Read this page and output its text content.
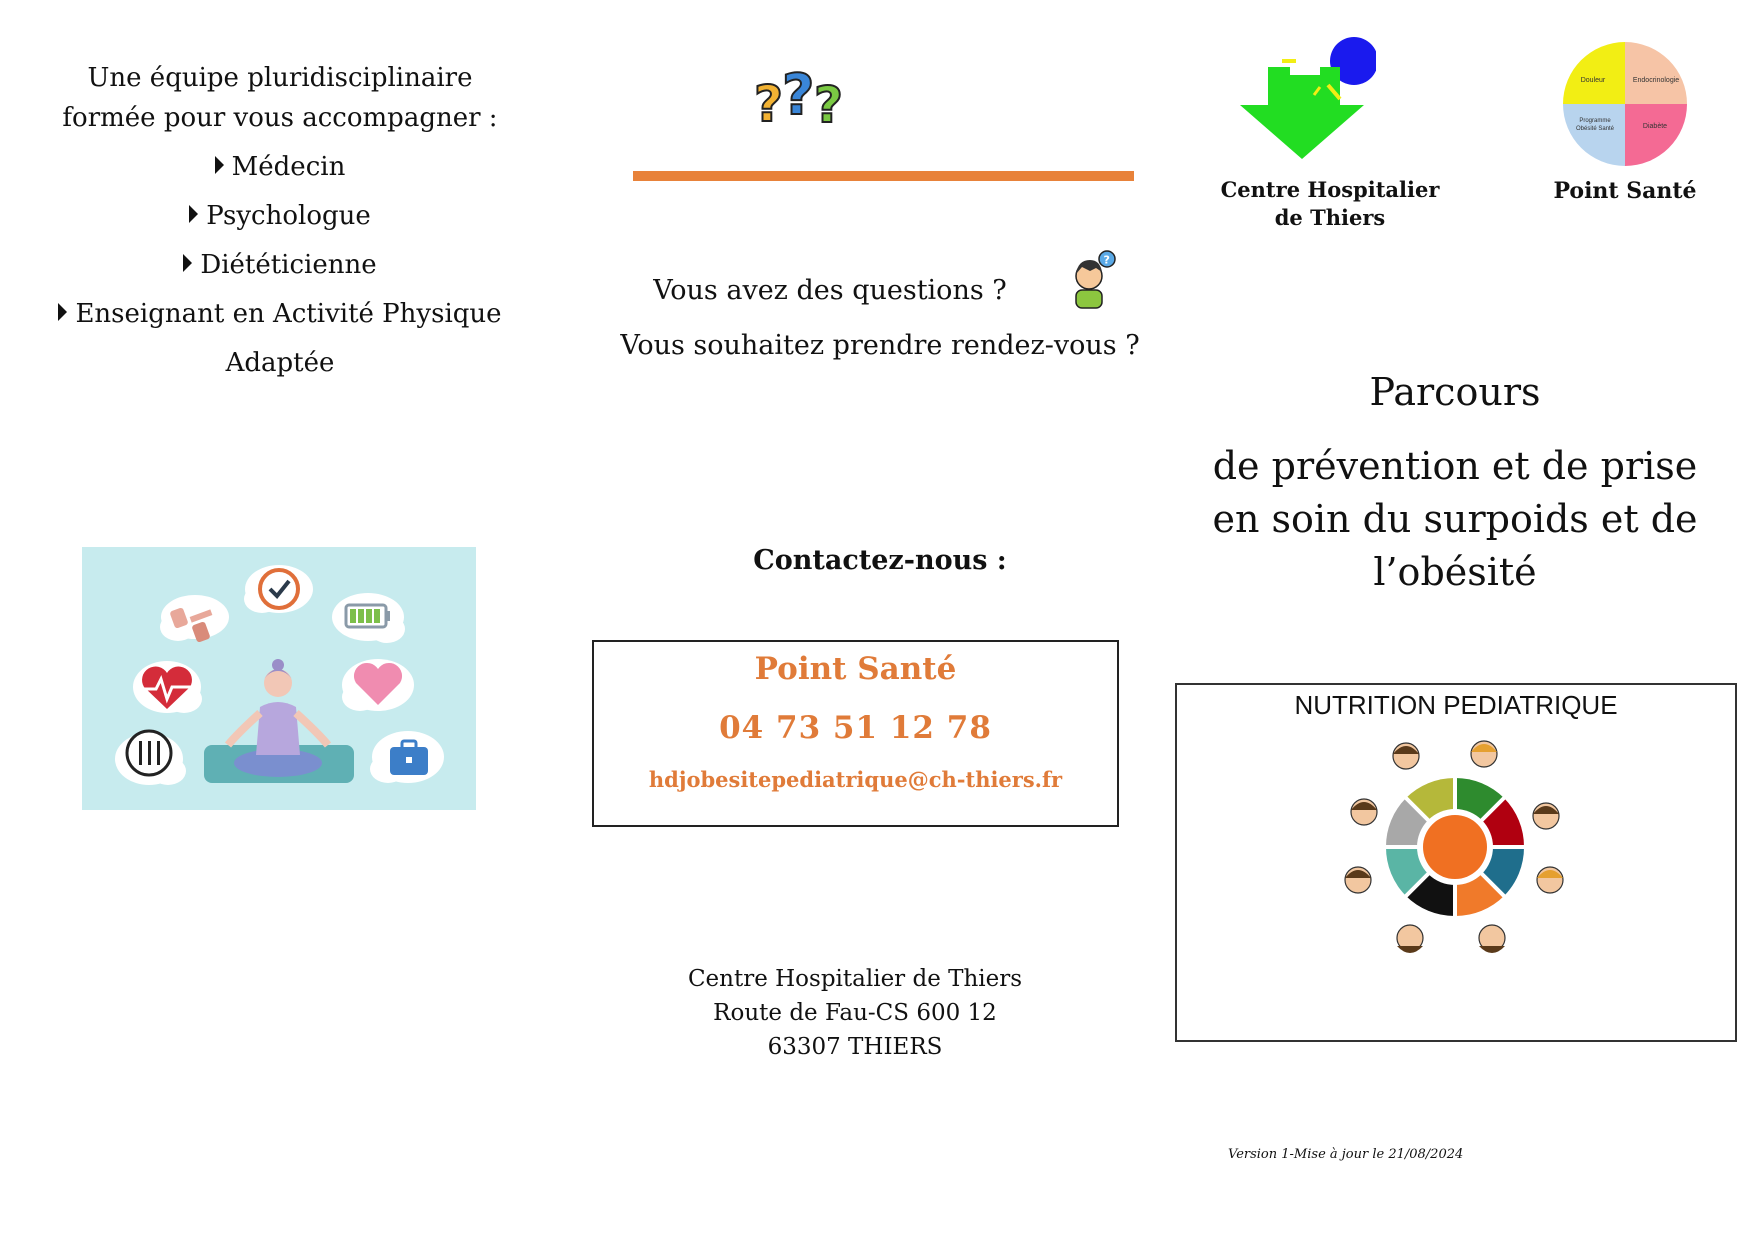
Une équipe pluridisciplinaire
formée pour vous accompagner :
Médecin
Psychologue
Diététicienne
Enseignant en Activité Physique
Adaptée
?
? ?
Vous avez des questions ?
?
Vous souhaitez prendre rendez-vous ?
Contactez-nous :
Point Santé
04 73 51 12 78
hdjobesitepediatrique@ch-thiers.fr
Centre Hospitalier de Thiers
Route de Fau-CS 600 12
63307 THIERS
Centre Hospitalier
de Thiers
Douleur	Endocrinologie
Programme
Obésité Santé	Diabète
Point Santé
Parcours
de prévention et de prise
en soin du surpoids et de
l’obésité
NUTRITION PEDIATRIQUE
Version 1-Mise à jour le 21/08/2024
